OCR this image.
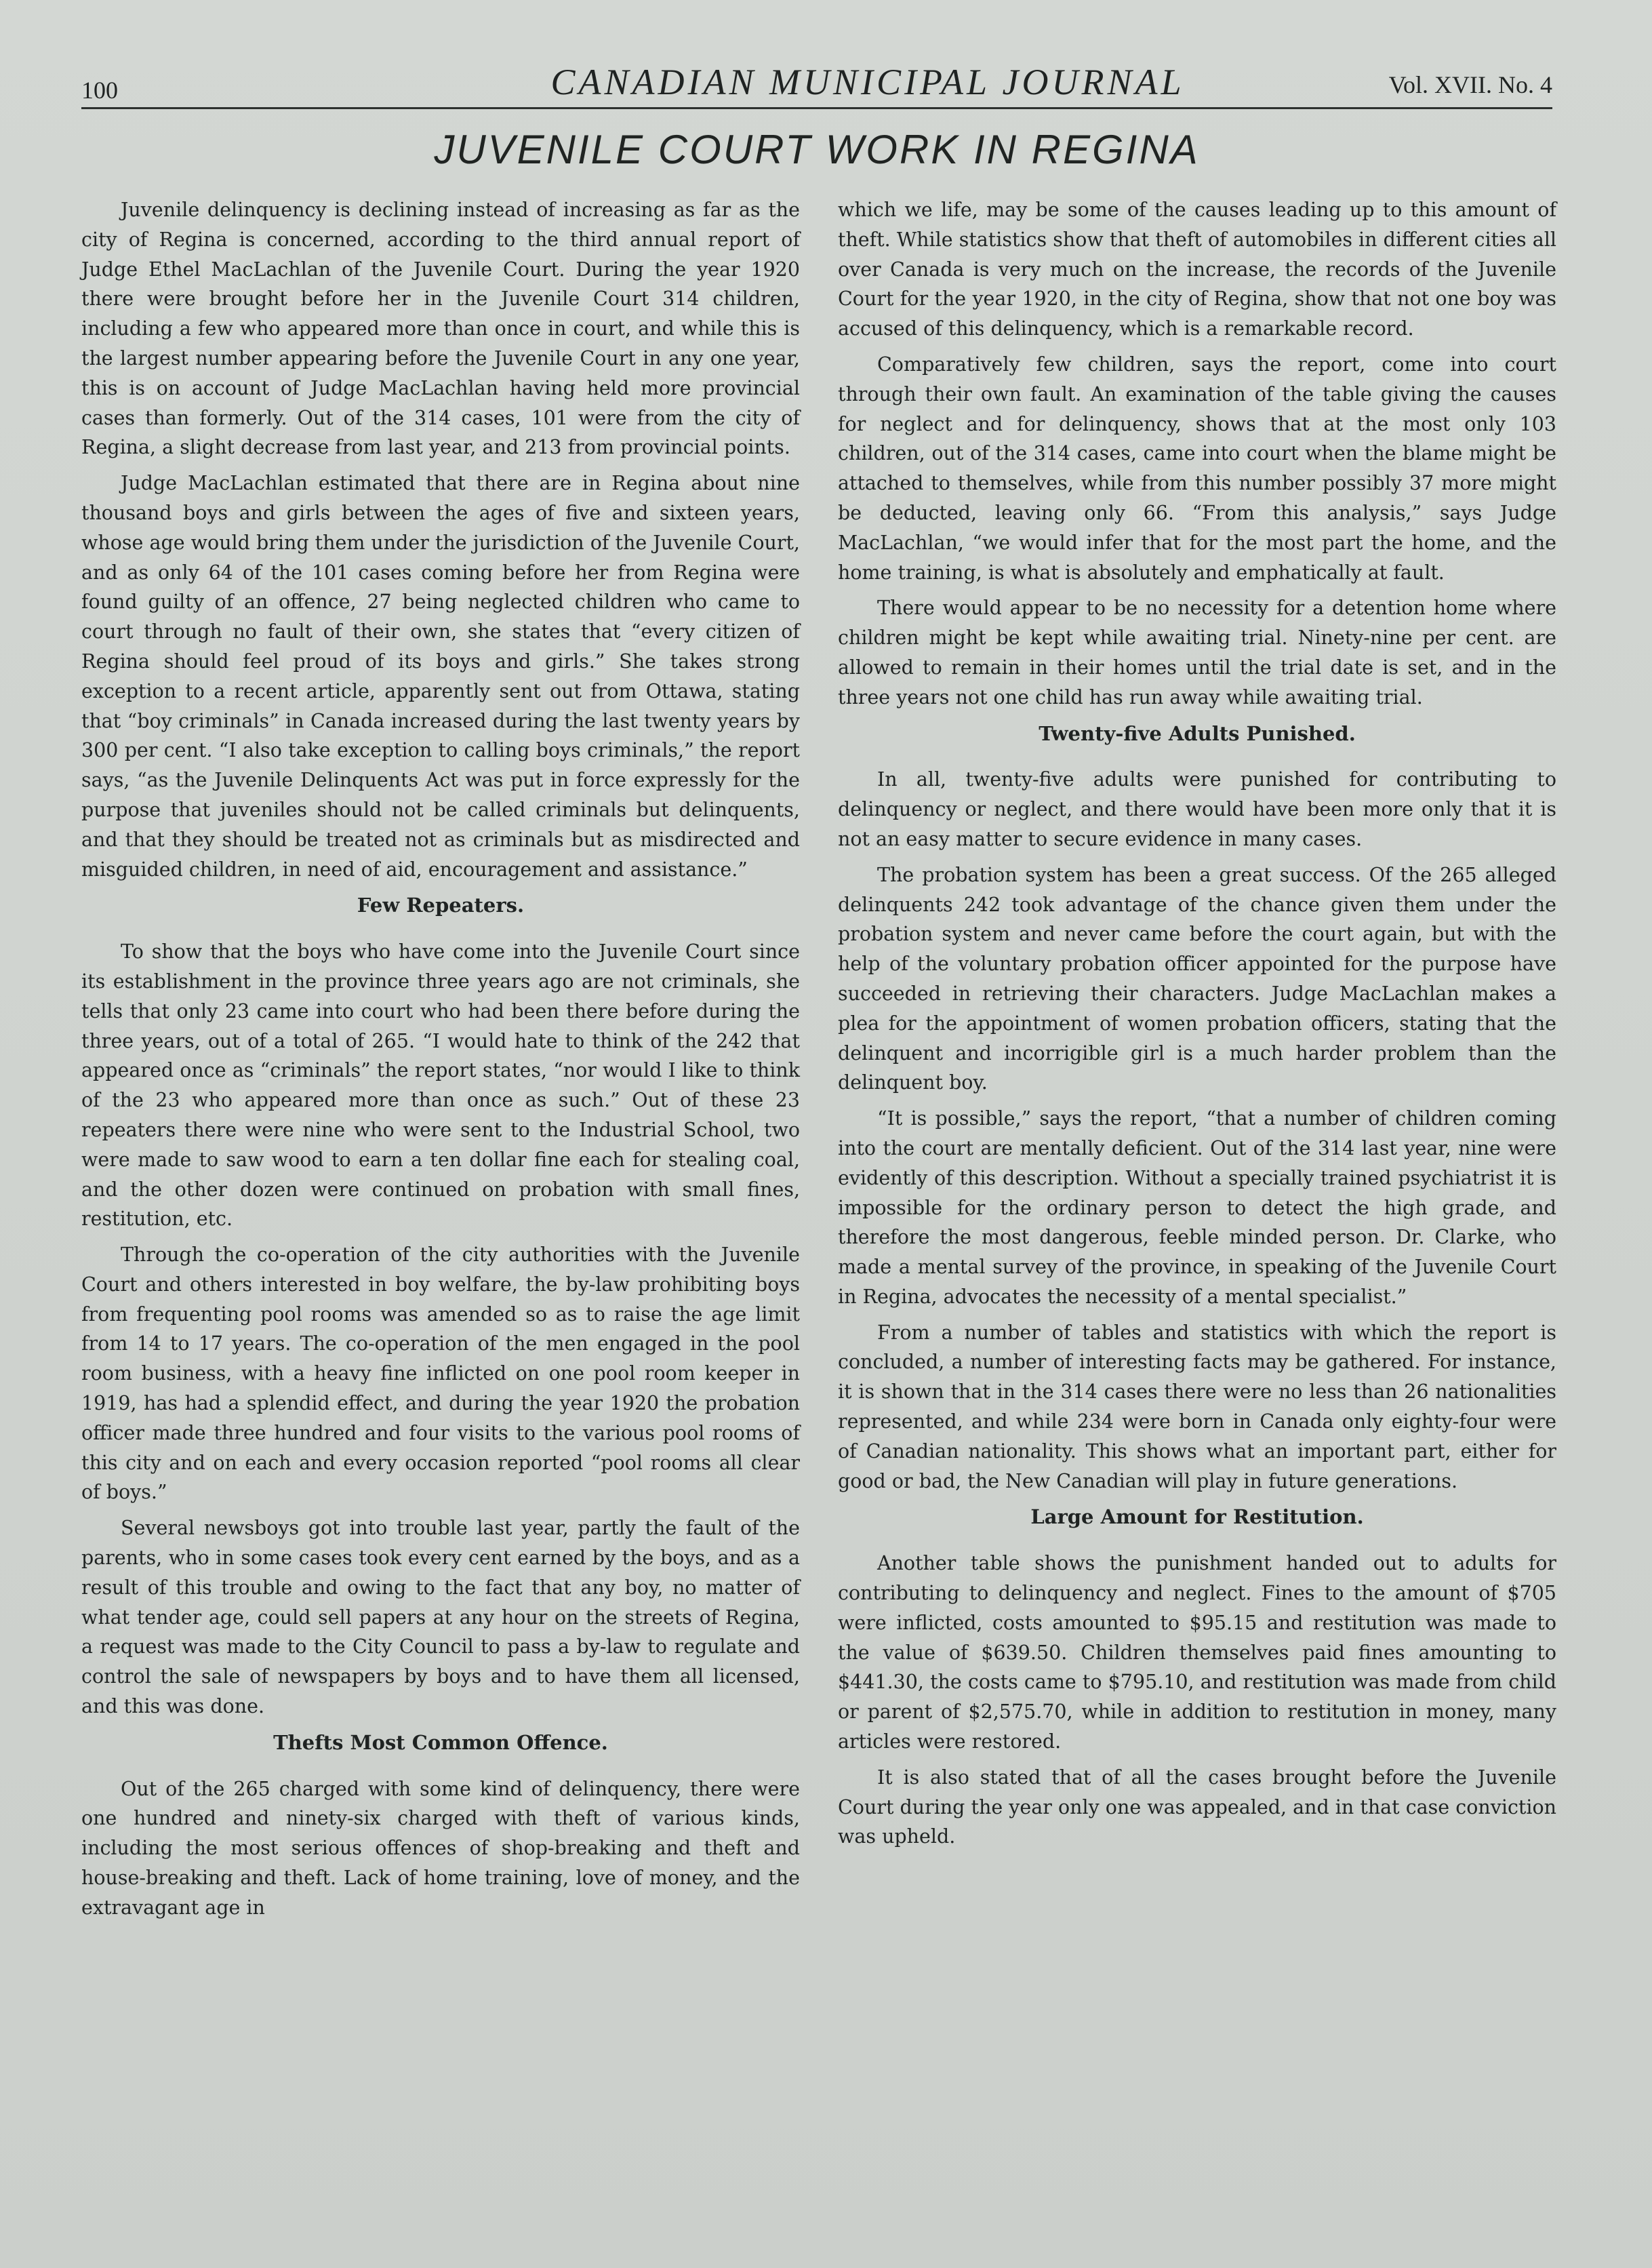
100	CANADIAN MUNICIPAL JOURNAL	Vol. XVII. No. 4
JUVENILE COURT WORK IN REGINA

Juvenile delinquency is declining instead of increasing as far as the city of Regina is concerned, according to the third annual report of Judge Ethel MacLachlan of the Juvenile Court. During the year 1920 there were brought before her in the Juvenile Court 314 children, including a few who appeared more than once in court, and while this is the largest number appearing before the Juvenile Court in any one year, this is on account of Judge MacLachlan having held more provincial cases than formerly. Out of the 314 cases, 101 were from the city of Regina, a slight decrease from last year, and 213 from provincial points.

Judge MacLachlan estimated that there are in Regina about nine thousand boys and girls between the ages of five and sixteen years, whose age would bring them under the jurisdiction of the Juvenile Court, and as only 64 of the 101 cases coming before her from Regina were found guilty of an offence, 27 being neglected children who came to court through no fault of their own, she states that “every citizen of Regina should feel proud of its boys and girls.” She takes strong exception to a recent article, apparently sent out from Ottawa, stating that “boy criminals” in Canada increased during the last twenty years by 300 per cent. “I also take exception to calling boys criminals,” the report says, “as the Juvenile Delinquents Act was put in force expressly for the purpose that juveniles should not be called criminals but delinquents, and that they should be treated not as criminals but as misdirected and misguided children, in need of aid, encouragement and assistance.”

Few Repeaters.

To show that the boys who have come into the Juvenile Court since its establishment in the province three years ago are not criminals, she tells that only 23 came into court who had been there before during the three years, out of a total of 265. “I would hate to think of the 242 that appeared once as “criminals” the report states, “nor would I like to think of the 23 who appeared more than once as such.” Out of these 23 repeaters there were nine who were sent to the Industrial School, two were made to saw wood to earn a ten dollar fine each for stealing coal, and the other dozen were continued on probation with small fines, restitution, etc.

Through the co-operation of the city authorities with the Juvenile Court and others interested in boy welfare, the by-law prohibiting boys from frequenting pool rooms was amended so as to raise the age limit from 14 to 17 years. The co-operation of the men engaged in the pool room business, with a heavy fine inflicted on one pool room keeper in 1919, has had a splendid effect, and during the year 1920 the probation officer made three hundred and four visits to the various pool rooms of this city and on each and every occasion reported “pool rooms all clear of boys.”

Several newsboys got into trouble last year, partly the fault of the parents, who in some cases took every cent earned by the boys, and as a result of this trouble and owing to the fact that any boy, no matter of what tender age, could sell papers at any hour on the streets of Regina, a request was made to the City Council to pass a by-law to regulate and control the sale of newspapers by boys and to have them all licensed, and this was done.

Thefts Most Common Offence.

Out of the 265 charged with some kind of delinquency, there were one hundred and ninety-six charged with theft of various kinds, including the most serious offences of shop-breaking and theft and house-breaking and theft. Lack of home training, love of money, and the extravagant age in

which we life, may be some of the causes leading up to this amount of theft. While statistics show that theft of automobiles in different cities all over Canada is very much on the increase, the records of the Juvenile Court for the year 1920, in the city of Regina, show that not one boy was accused of this delinquency, which is a remarkable record.

Comparatively few children, says the report, come into court through their own fault. An examination of the table giving the causes for neglect and for delinquency, shows that at the most only 103 children, out of the 314 cases, came into court when the blame might be attached to themselves, while from this number possibly 37 more might be deducted, leaving only 66. “From this analysis,” says Judge MacLachlan, “we would infer that for the most part the home, and the home training, is what is absolutely and emphatically at fault.

There would appear to be no necessity for a detention home where children might be kept while awaiting trial. Ninety-nine per cent. are allowed to remain in their homes until the trial date is set, and in the three years not one child has run away while awaiting trial.

Twenty-five Adults Punished.

In all, twenty-five adults were punished for contributing to delinquency or neglect, and there would have been more only that it is not an easy matter to secure evidence in many cases.

The probation system has been a great success. Of the 265 alleged delinquents 242 took advantage of the chance given them under the probation system and never came before the court again, but with the help of the voluntary probation officer appointed for the purpose have succeeded in retrieving their characters. Judge MacLachlan makes a plea for the appointment of women probation officers, stating that the delinquent and incorrigible girl is a much harder problem than the delinquent boy.

“It is possible,” says the report, “that a number of children coming into the court are mentally deficient. Out of the 314 last year, nine were evidently of this description. Without a specially trained psychiatrist it is impossible for the ordinary person to detect the high grade, and therefore the most dangerous, feeble minded person. Dr. Clarke, who made a mental survey of the province, in speaking of the Juvenile Court in Regina, advocates the necessity of a mental specialist.”

From a number of tables and statistics with which the report is concluded, a number of interesting facts may be gathered. For instance, it is shown that in the 314 cases there were no less than 26 nationalities represented, and while 234 were born in Canada only eighty-four were of Canadian nationality. This shows what an important part, either for good or bad, the New Canadian will play in future generations.

Large Amount for Restitution.

Another table shows the punishment handed out to adults for contributing to delinquency and neglect. Fines to the amount of $705 were inflicted, costs amounted to $95.15 and restitution was made to the value of $639.50. Children themselves paid fines amounting to $441.30, the costs came to $795.10, and restitution was made from child or parent of $2,575.70, while in addition to restitution in money, many articles were restored.

It is also stated that of all the cases brought before the Juvenile Court during the year only one was appealed, and in that case conviction was upheld.
